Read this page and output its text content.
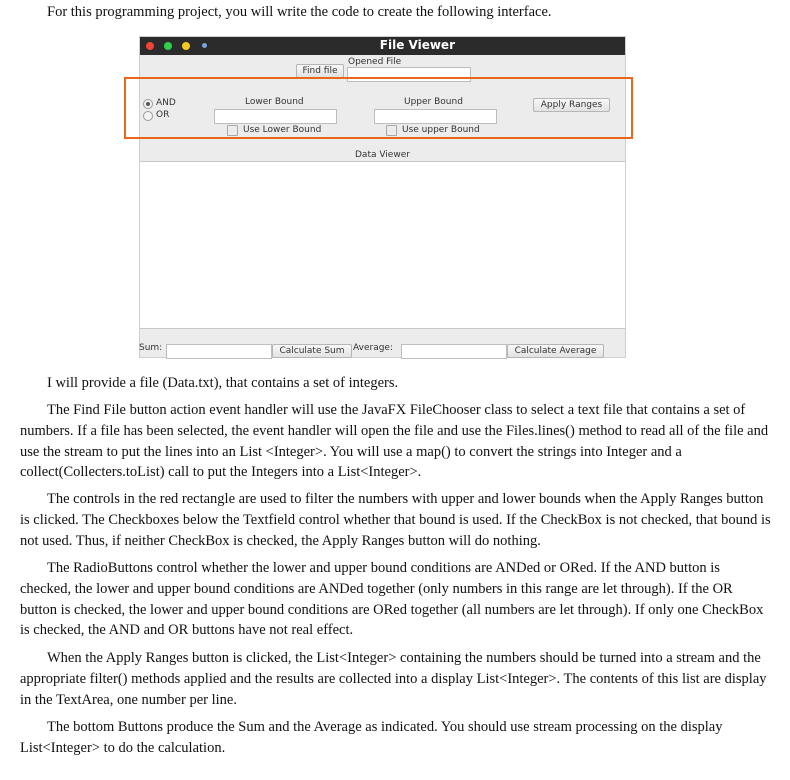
For this programming project, you will write the code to create the following interface.
File Viewer
Opened File
Find file
AND
OR
Lower Bound
Use Lower Bound
Upper Bound
Use upper Bound
Apply Ranges
Data Viewer
Sum:	Calculate Sum Average:	Calculate Average

I will provide a file (Data.txt), that contains a set of integers.

The Find File button action event handler will use the JavaFX FileChooser class to select a text file that contains a set of numbers. If a file has been selected, the event handler will open the file and use the Files.lines() method to read all of the file and use the stream to put the lines into an List <Integer>. You will use a map() to convert the strings into Integer and a collect(Collecters.toList) call to put the Integers into a List<Integer>.

The controls in the red rectangle are used to filter the numbers with upper and lower bounds when the Apply Ranges button is clicked. The Checkboxes below the Textfield control whether that bound is used. If the CheckBox is not checked, that bound is not used. Thus, if neither CheckBox is checked, the Apply Ranges button will do nothing.

The RadioButtons control whether the lower and upper bound conditions are ANDed or ORed. If the AND button is checked, the lower and upper bound conditions are ANDed together (only numbers in this range are let through). If the OR button is checked, the lower and upper bound conditions are ORed together (all numbers are let through). If only one CheckBox is checked, the AND and OR buttons have not real effect.

When the Apply Ranges button is clicked, the List<Integer> containing the numbers should be turned into a stream and the appropriate filter() methods applied and the results are collected into a display List<Integer>. The contents of this list are display in the TextArea, one number per line.

The bottom Buttons produce the Sum and the Average as indicated. You should use stream processing on the display List<Integer> to do the calculation.
